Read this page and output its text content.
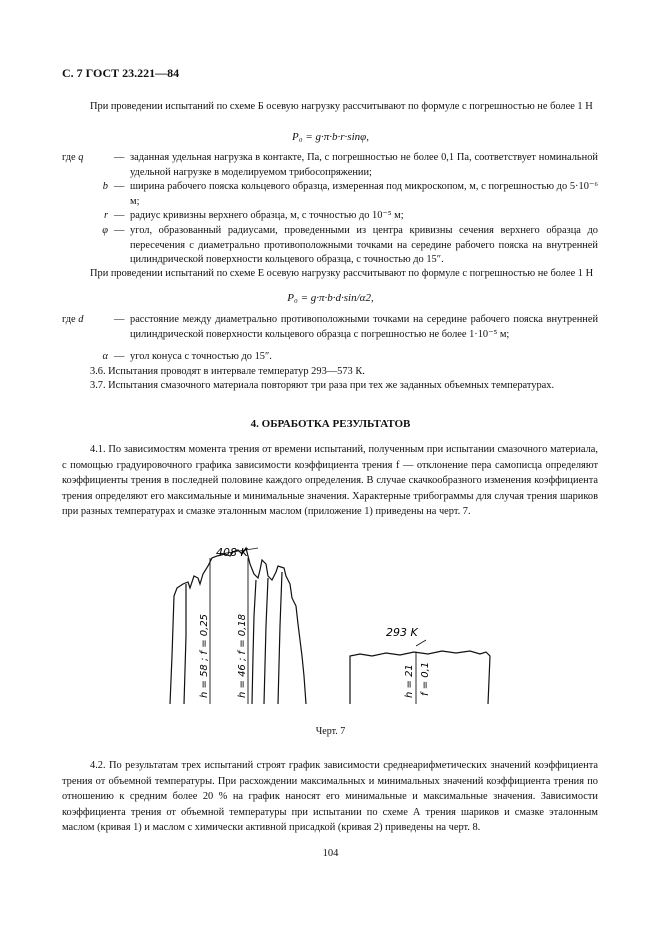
С. 7 ГОСТ 23.221—84
При проведении испытаний по схеме Б осевую нагрузку рассчитывают по формуле с погрешностью не более 1 Н
P₀ = g·π·b·r·sinφ,
где q	— заданная удельная нагрузка в контакте, Па, с погрешностью не более 0,1 Па, соответствует номинальной удельной нагрузке в моделируемом трибосопряжении;
b — ширина рабочего пояска кольцевого образца, измеренная под микроскопом, м, с погрешностью до 5·10⁻⁶ м;
r — радиус кривизны верхнего образца, м, с точностью до 10⁻⁵ м;
φ — угол, образованный радиусами, проведенными из центра кривизны сечения верхнего образца до пересечения с диаметрально противоположными точками на середине рабочего пояска на внутренней цилиндрической поверхности кольцевого образца, с точностью до 15″.
При проведении испытаний по схеме Е осевую нагрузку рассчитывают по формуле с погрешностью не более 1 Н
P₀ = g·π·b·d·sin/α2,
где d	— расстояние между диаметрально противоположными точками на середине рабочего пояска внутренней цилиндрической поверхности кольцевого образца с погрешностью не более 1·10⁻⁵ м;
α — угол конуса с точностью до 15″.
3.6. Испытания проводят в интервале температур 293—573 К.
3.7. Испытания смазочного материала повторяют три раза при тех же заданных объемных температурах.
4. ОБРАБОТКА РЕЗУЛЬТАТОВ
4.1. По зависимостям момента трения от времени испытаний, полученным при испытании смазочного материала, с помощью градуировочного графика зависимости коэффициента трения f — отклонение пера самописца определяют коэффициенты трения в последней половине каждого определения. В случае скачкообразного изменения коэффициента трения определяют его максимальные и минимальные значения. Характерные трибограммы для случая трения шариков при разных температурах и смазке эталонным маслом (приложение 1) приведены на черт. 7.
408 K
293 K
h = 58 ; f = 0,25	h = 46 ; f = 0,18	h = 21 f = 0,1
Черт. 7
4.2. По результатам трех испытаний строят график зависимости среднеарифметических значений коэффициента трения от объемной температуры. При расхождении максимальных и минимальных значений коэффициента трения по отношению к средним более 20 % на график наносят его минимальные и максимальные значения. Зависимости коэффициента трения от объемной температуры при испытании по схеме А трения шариков и смазке эталонным маслом (кривая 1) и маслом с химически активной присадкой (кривая 2) приведены на черт. 8.
104
